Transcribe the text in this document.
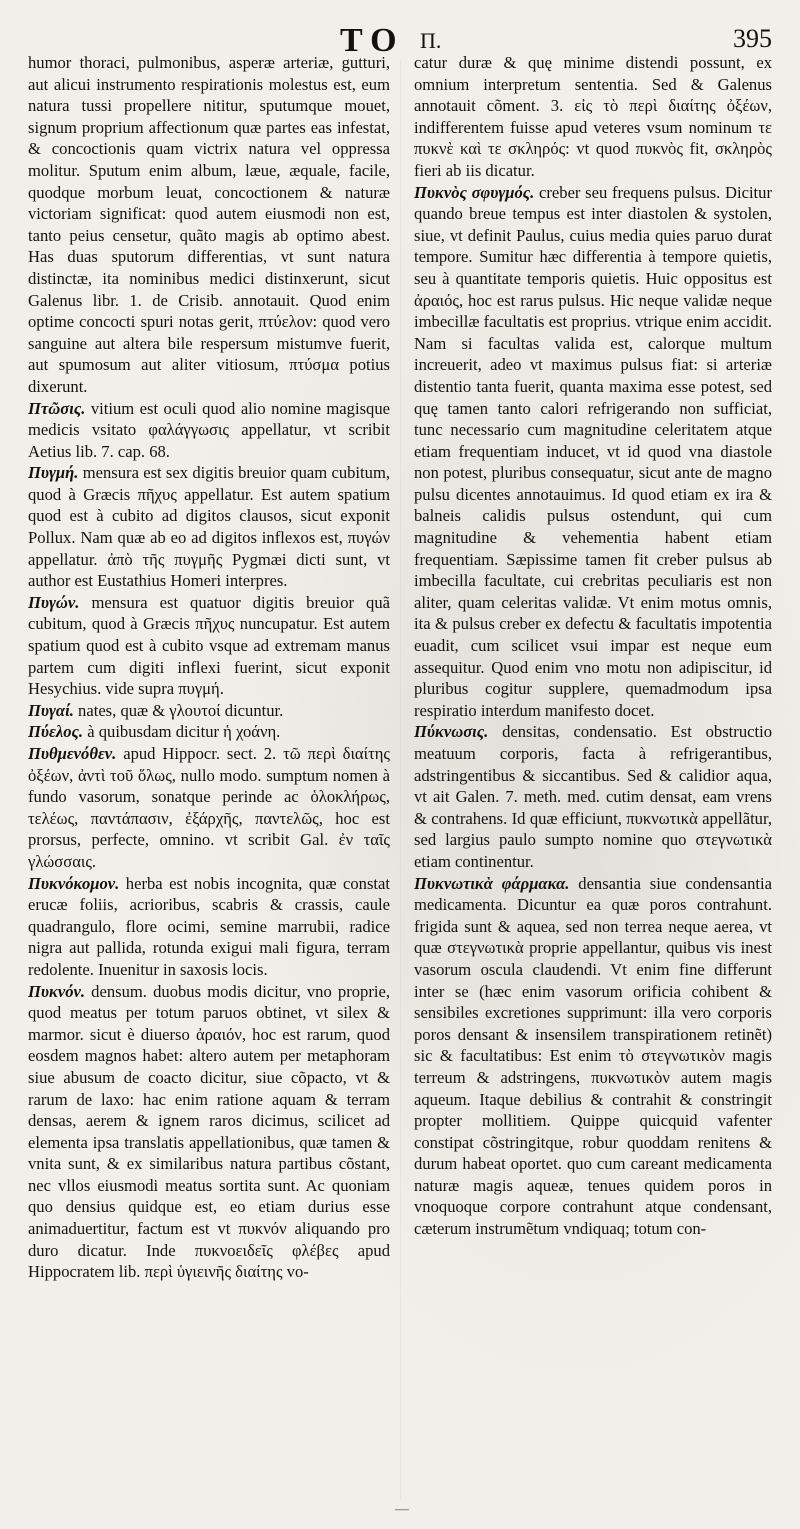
TO Π.	395

humor thoraci, pulmonibus, asperæ arteriæ, gutturi, aut alicui instrumento respirationis molestus est, eum natura tussi propellere nititur, sputumque mouet, signum proprium affectionum quæ partes eas infestat, & concoctionis quam victrix natura vel oppressa molitur. Sputum enim album, læue, æquale, facile, quodque morbum leuat, concoctionem & naturæ victoriam significat: quod autem eiusmodi non est, tanto peius censetur, quãto magis ab optimo abest. Has duas sputorum differentias, vt sunt natura distinctæ, ita nominibus medici distinxerunt, sicut Galenus libr. 1. de Crisib. annotauit. Quod enim optime concocti spuri notas gerit, πτύελον: quod vero sanguine aut altera bile respersum mistumve fuerit, aut spumosum aut aliter vitiosum, πτύσμα potius dixerunt.

Πτῶσις. vitium est oculi quod alio nomine magisque medicis vsitato φαλάγγωσις appellatur, vt scribit Aetius lib. 7. cap. 68.

Πυγμή. mensura est sex digitis breuior quam cubitum, quod à Græcis πῆχυς appellatur. Est autem spatium quod est à cubito ad digitos clausos, sicut exponit Pollux. Nam quæ ab eo ad digitos inflexos est, πυγών appellatur. ἀπὸ τῆς πυγμῆς Pygmæi dicti sunt, vt author est Eustathius Homeri interpres.

Πυγών. mensura est quatuor digitis breuior quã cubitum, quod à Græcis πῆχυς nuncupatur. Est autem spatium quod est à cubito vsque ad extremam manus partem cum digiti inflexi fuerint, sicut exponit Hesychius. vide supra πυγμή.

Πυγαί. nates, quæ & γλουτοί dicuntur.

Πύελος. à quibusdam dicitur ἡ χοάνη.

Πυθμενόθεν. apud Hippocr. sect. 2. τῶ περὶ διαίτης ὀξέων, ἀντὶ τοῦ ὅλως, nullo modo. sumptum nomen à fundo vasorum, sonatque perinde ac ὁλοκλήρως, τελέως, παντάπασιν, ἐξάρχῆς, παντελῶς, hoc est prorsus, perfecte, omnino. vt scribit Gal. ἐν ταῖς γλώσσαις.

Πυκνόκομον. herba est nobis incognita, quæ constat erucæ foliis, acrioribus, scabris & crassis, caule quadrangulo, flore ocimi, semine marrubii, radice nigra aut pallida, rotunda exigui mali figura, terram redolente. Inuenitur in saxosis locis.

Πυκνόν. densum. duobus modis dicitur, vno proprie, quod meatus per totum paruos obtinet, vt silex & marmor. sicut è diuerso ἀραιόν, hoc est rarum, quod eosdem magnos habet: altero autem per metaphoram siue abusum de coacto dicitur, siue cõpacto, vt & rarum de laxo: hac enim ratione aquam & terram densas, aerem & ignem raros dicimus, scilicet ad elementa ipsa translatis appellationibus, quæ tamen & vnita sunt, & ex similaribus natura partibus cõstant, nec vllos eiusmodi meatus sortita sunt. Ac quoniam quo densius quidque est, eo etiam durius esse animaduertitur, factum est vt πυκνόν aliquando pro duro dicatur. Inde πυκνοειδεῖς φλέβες apud Hippocratem lib. περὶ ὑγιεινῆς διαίτης vo-

catur duræ & quę minime distendi possunt, ex omnium interpretum sententia. Sed & Galenus annotauit cõment. 3. εἰς τὸ περὶ διαίτης ὀξέων, indifferentem fuisse apud veteres vsum nominum τε πυκνὲ καὶ τε σκληρός: vt quod πυκνὸς fit, σκληρὸς fieri ab iis dicatur.

Πυκνὸς σφυγμός. creber seu frequens pulsus. Dicitur quando breue tempus est inter diastolen & systolen, siue, vt definit Paulus, cuius media quies paruo durat tempore. Sumitur hæc differentia à tempore quietis, seu à quantitate temporis quietis. Huic oppositus est ἀραιός, hoc est rarus pulsus. Hic neque validæ neque imbecillæ facultatis est proprius. vtrique enim accidit. Nam si facultas valida est, calorque multum increuerit, adeo vt maximus pulsus fiat: si arteriæ distentio tanta fuerit, quanta maxima esse potest, sed quę tamen tanto calori refrigerando non sufficiat, tunc necessario cum magnitudine celeritatem atque etiam frequentiam inducet, vt id quod vna diastole non potest, pluribus consequatur, sicut ante de magno pulsu dicentes annotauimus. Id quod etiam ex ira & balneis calidis pulsus ostendunt, qui cum magnitudine & vehementia habent etiam frequentiam. Sæpissime tamen fit creber pulsus ab imbecilla facultate, cui crebritas peculiaris est non aliter, quam celeritas validæ. Vt enim motus omnis, ita & pulsus creber ex defectu & facultatis impotentia euadit, cum scilicet vsui impar est neque eum assequitur. Quod enim vno motu non adipiscitur, id pluribus cogitur supplere, quemadmodum ipsa respiratio interdum manifesto docet.

Πύκνωσις. densitas, condensatio. Est obstructio meatuum corporis, facta à refrigerantibus, adstringentibus & siccantibus. Sed & calidior aqua, vt ait Galen. 7. meth. med. cutim densat, eam vrens & contrahens. Id quæ efficiunt, πυκνωτικὰ appellãtur, sed largius paulo sumpto nomine quo στεγνωτικὰ etiam continentur.

Πυκνωτικὰ φάρμακα. densantia siue condensantia medicamenta. Dicuntur ea quæ poros contrahunt. frigida sunt & aquea, sed non terrea neque aerea, vt quæ στεγνωτικὰ proprie appellantur, quibus vis inest vasorum oscula claudendi. Vt enim fine differunt inter se (hæc enim vasorum orificia cohibent & sensibiles excretiones supprimunt: illa vero corporis poros densant & insensilem transpirationem retinẽt) sic & facultatibus: Est enim τὸ στεγνωτικὸν magis terreum & adstringens, πυκνωτικὸν autem magis aqueum. Itaque debilius & contrahit & constringit propter mollitiem. Quippe quicquid vafenter constipat cõstringitque, robur quoddam renitens & durum habeat oportet. quo cum careant medicamenta naturæ magis aqueæ, tenues quidem poros in vnoquoque corpore contrahunt atque condensant, cæterum instrumẽtum vndiquaq; totum con-

—
